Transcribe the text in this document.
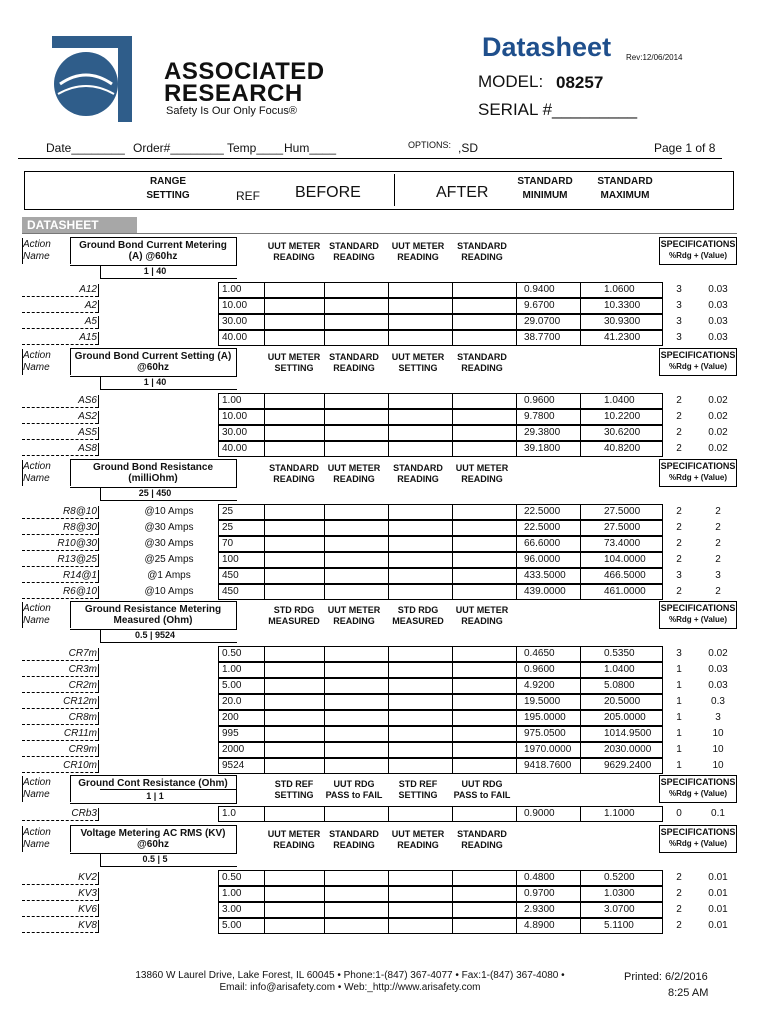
ASSOCIATED
RESEARCH
Safety Is Our Only Focus®
Datasheet Rev:12/06/2014
MODEL: 08257
SERIAL #_________
Date________ Order#________ Temp____ Hum____	OPTIONS: ,SD	Page 1 of 8
RANGE
SETTING	REF BEFORE	AFTER
STANDARD
MINIMUM
STANDARD
MAXIMUM
DATASHEET
Action
Name
Ground Bond Current Metering (A) @60hz
1 | 40
UUT METER READING
STANDARD READING
UUT METER READING
STANDARD READING
SPECIFICATIONS
%Rdg + (Value)
A12	1.00	0.9400	1.0600	3	0.03
A2	10.00	9.6700	10.3300	3	0.03
A5	30.00	29.0700	30.9300	3	0.03
A15	40.00	38.7700	41.2300	3	0.03
Action
Name
Ground Bond Current Setting (A) @60hz
1 | 40
UUT METER SETTING
STANDARD READING
UUT METER SETTING
STANDARD READING
SPECIFICATIONS
%Rdg + (Value)
AS6	1.00	0.9600	1.0400	2	0.02
AS2	10.00	9.7800	10.2200	2	0.02
AS5	30.00	29.3800	30.6200	2	0.02
AS8	40.00	39.1800	40.8200	2	0.02
Action
Name
Ground Bond Resistance (milliOhm)
25 | 450
STANDARD READING
UUT METER READING
STANDARD READING
UUT METER READING
SPECIFICATIONS
%Rdg + (Value)
R8@10	@10 Amps	25	22.5000	27.5000	2	2
R8@30	@30 Amps	25	22.5000	27.5000	2	2
R10@30	@30 Amps	70	66.6000	73.4000	2	2
R13@25	@25 Amps	100	96.0000	104.0000	2	2
R14@1	@1 Amps	450	433.5000	466.5000	3	3
R6@10	@10 Amps	450	439.0000	461.0000	2	2
Action
Name
Ground Resistance Metering Measured (Ohm)
0.5 | 9524
STD RDG MEASURED
UUT METER READING
STD RDG MEASURED
UUT METER READING
SPECIFICATIONS
%Rdg + (Value)
CR7m	0.50	0.4650	0.5350	3	0.02
CR3m	1.00	0.9600	1.0400	1	0.03
CR2m	5.00	4.9200	5.0800	1	0.03
CR12m	20.0	19.5000	20.5000	1	0.3
CR8m	200	195.0000	205.0000	1	3
CR11m	995	975.0500	1014.9500	1	10
CR9m	2000	1970.0000	2030.0000	1	10
CR10m	9524	9418.7600	9629.2400	1	10
Action
Name
Ground Cont Resistance (Ohm)
1 | 1
STD REF SETTING
UUT RDG PASS to FAIL
STD REF SETTING
UUT RDG PASS to FAIL
SPECIFICATIONS
%Rdg + (Value)
CRb3	1.0	0.9000	1.1000	0	0.1
Action
Name
Voltage Metering AC RMS (KV) @60hz
0.5 | 5
UUT METER READING
STANDARD READING
UUT METER READING
STANDARD READING
SPECIFICATIONS
%Rdg + (Value)
KV2	0.50	0.4800	0.5200	2	0.01
KV3	1.00	0.9700	1.0300	2	0.01
KV6	3.00	2.9300	3.0700	2	0.01
KV8	5.00	4.8900	5.1100	2	0.01
13860 W Laurel Drive, Lake Forest, IL 60045 • Phone:1-(847) 367-4077 • Fax:1-(847) 367-4080 •
Email: info@arisafety.com • Web:_http://www.arisafety.com
Printed: 6/2/2016
8:25 AM
